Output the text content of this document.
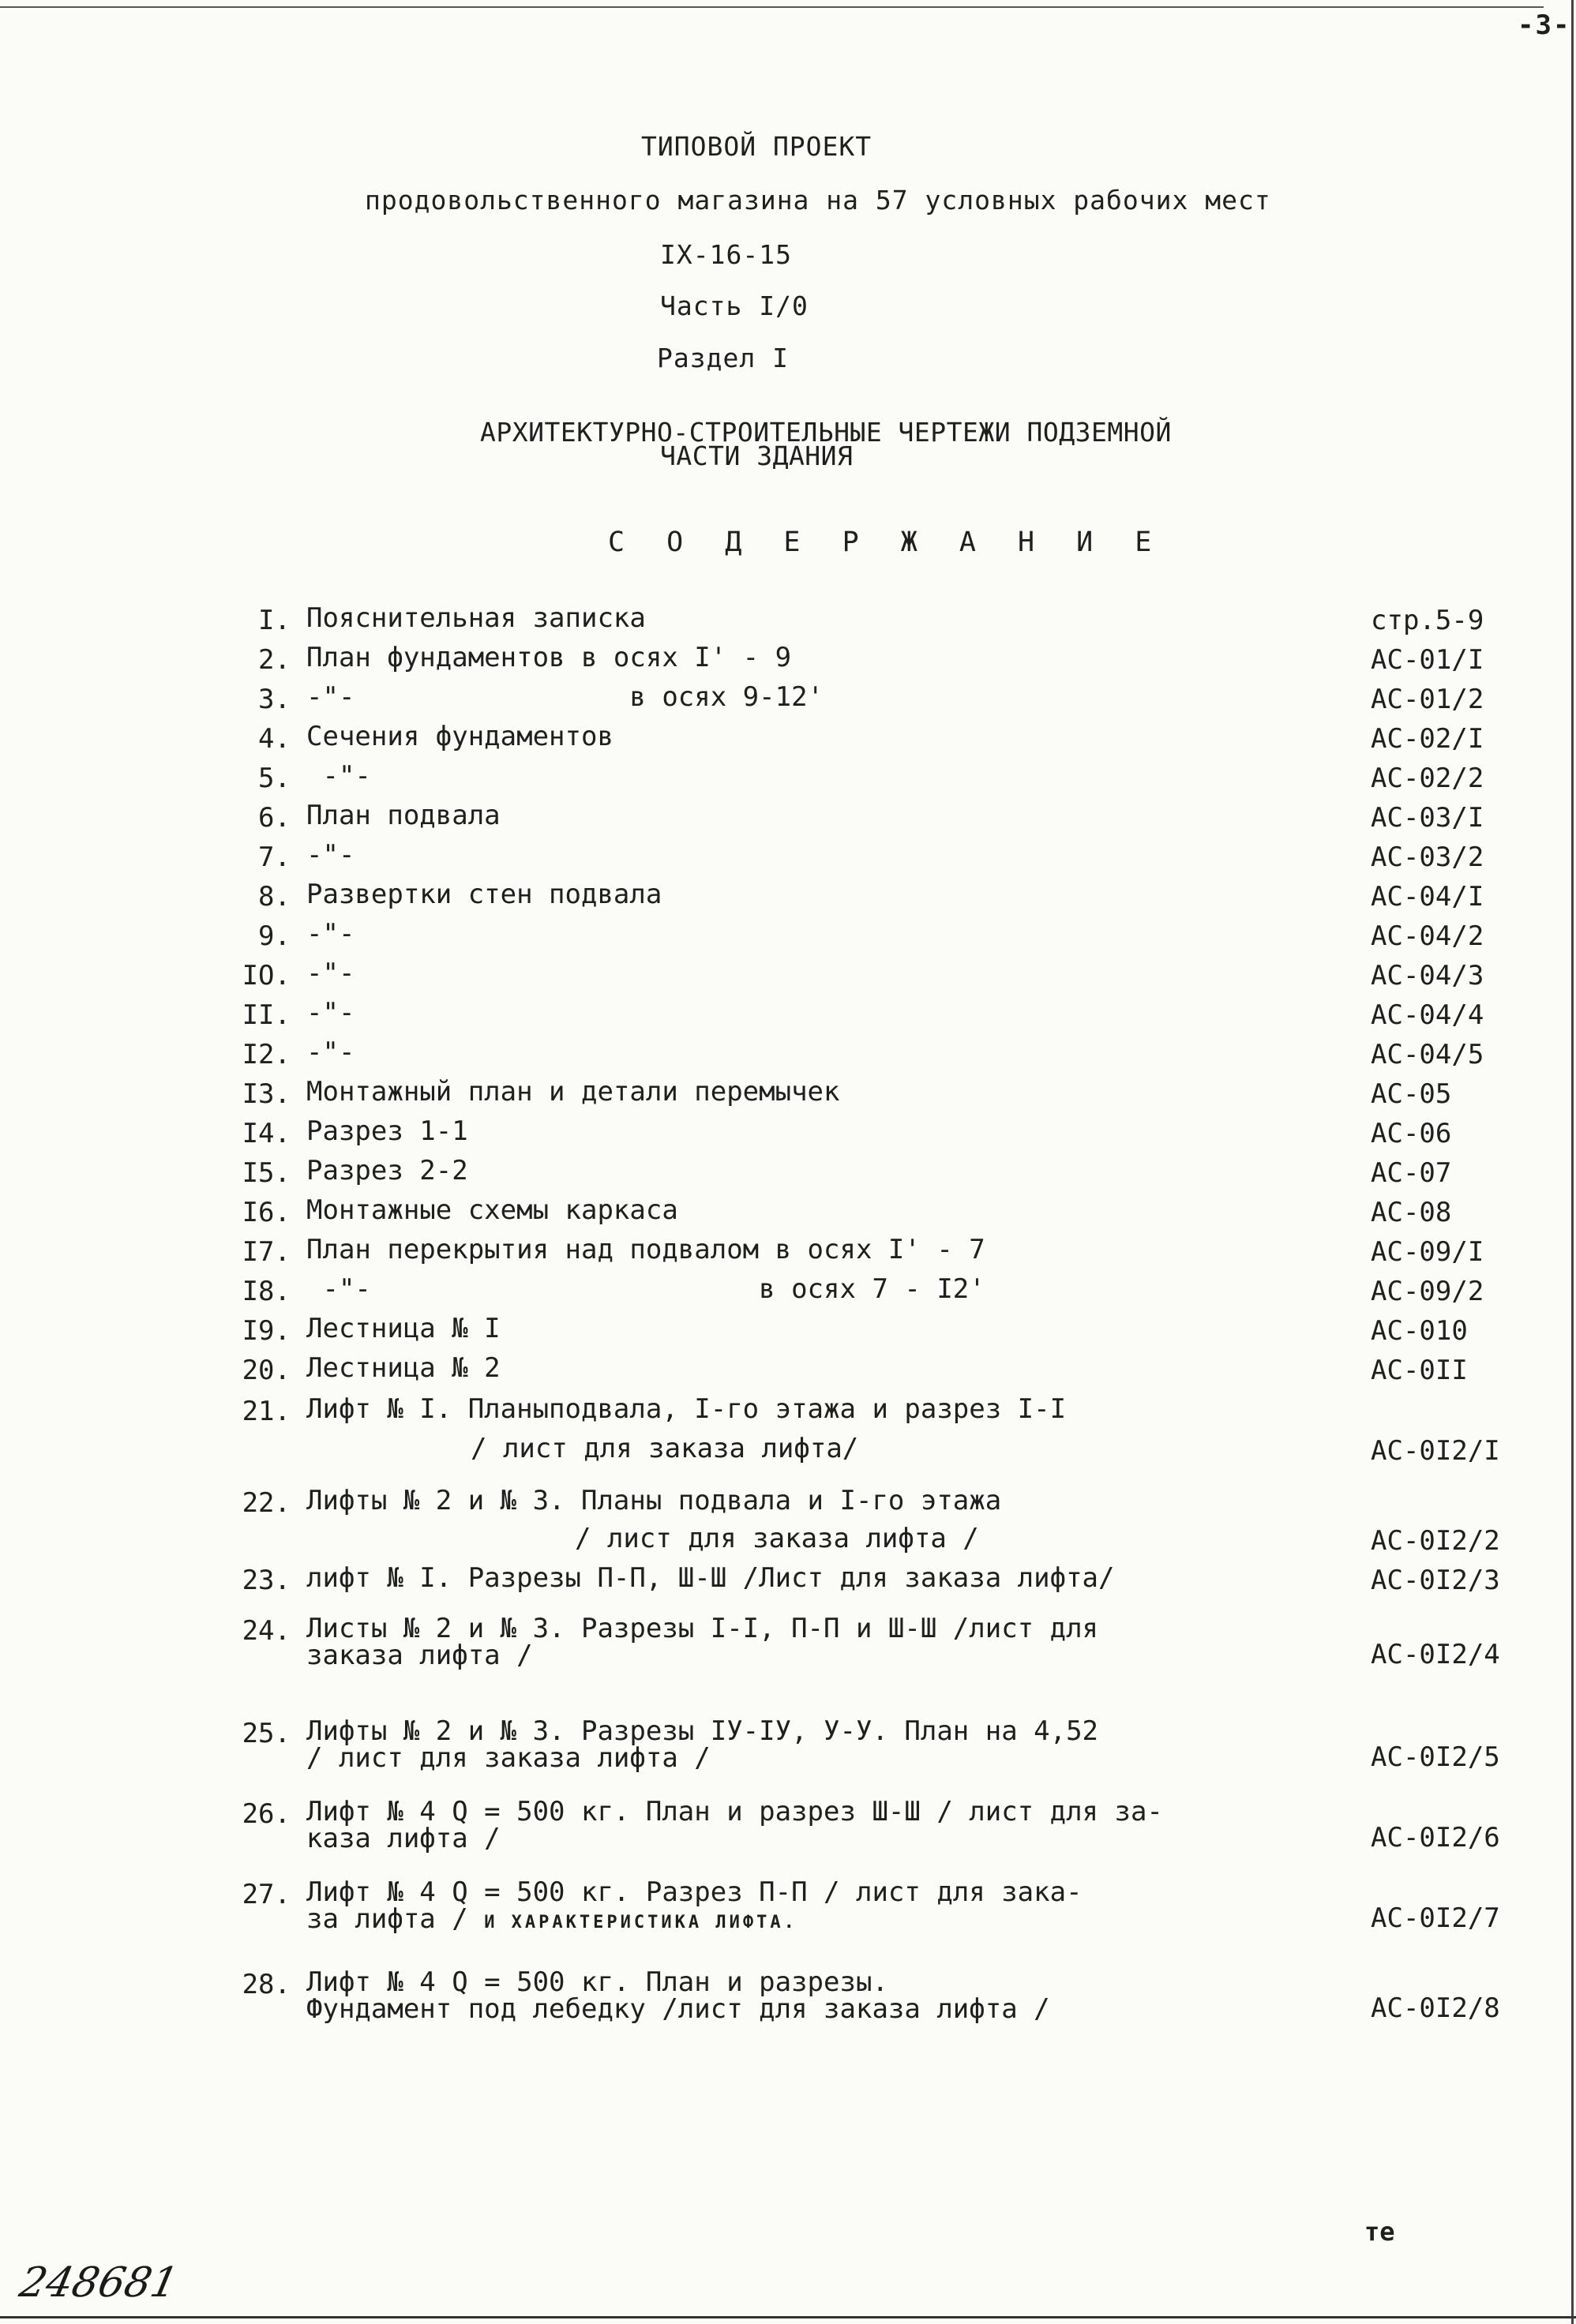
-3-
ТИПОВОЙ ПРОЕКТ
продовольственного магазина на 57 условных рабочих мест
IX-16-15
Часть I/0
Раздел I
АРХИТЕКТУРНО-СТРОИТЕЛЬНЫЕ ЧЕРТЕЖИ ПОДЗЕМНОЙ
ЧАСТИ ЗДАНИЯ
С О Д Е Р Ж А Н И Е
I. Пояснительная записка	стр.5-9
2. План фундаментов в осях I' - 9	АС-01/I
3. -"-                 в осях 9-12'	АС-01/2
4. Сечения фундаментов	АС-02/I
5. -"-	АС-02/2
6. План подвала	АС-03/I
7. -"-	АС-03/2
8. Развертки стен подвала	АС-04/I
9. -"-	АС-04/2
IO. -"-	АС-04/3
II. -"-	АС-04/4
I2. -"-	АС-04/5
I3. Монтажный план и детали перемычек	АС-05
I4. Разрез 1-1	АС-06
I5. Разрез 2-2	АС-07
I6. Монтажные схемы каркаса	АС-08
I7. План перекрытия над подвалом в осях I' - 7	АС-09/I
I8. -"-                        в осях 7 - I2'	АС-09/2
I9. Лестница № I	АС-010
20. Лестница № 2	АС-0II
21. Лифт № I. Планыподвала, I-го этажа и разрез I-I
/ лист для заказа лифта/	АС-0I2/I
22. Лифты № 2 и № 3. Планы подвала и I-го этажа
/ лист для заказа лифта /	АС-0I2/2
23. лифт № I. Разрезы П-П, Ш-Ш /Лист для заказа лифта/	АС-0I2/3
24. Листы № 2 и № 3. Разрезы I-I, П-П и Ш-Ш /лист для
заказа лифта /	АС-0I2/4
25. Лифты № 2 и № 3. Разрезы IУ-IУ, У-У. План на 4,52
/ лист для заказа лифта /	АС-0I2/5
26. Лифт № 4 Q = 500 кг. План и разрез Ш-Ш / лист для за-
каза лифта /	АС-0I2/6
27. Лифт № 4 Q = 500 кг. Разрез П-П / лист для зака-
за лифта / И ХАРАКТЕРИСТИКА ЛИФТА.	АС-0I2/7
28. Лифт № 4 Q = 500 кг. План и разрезы.
Фундамент под лебедку /лист для заказа лифта /	АС-0I2/8
248681
те
